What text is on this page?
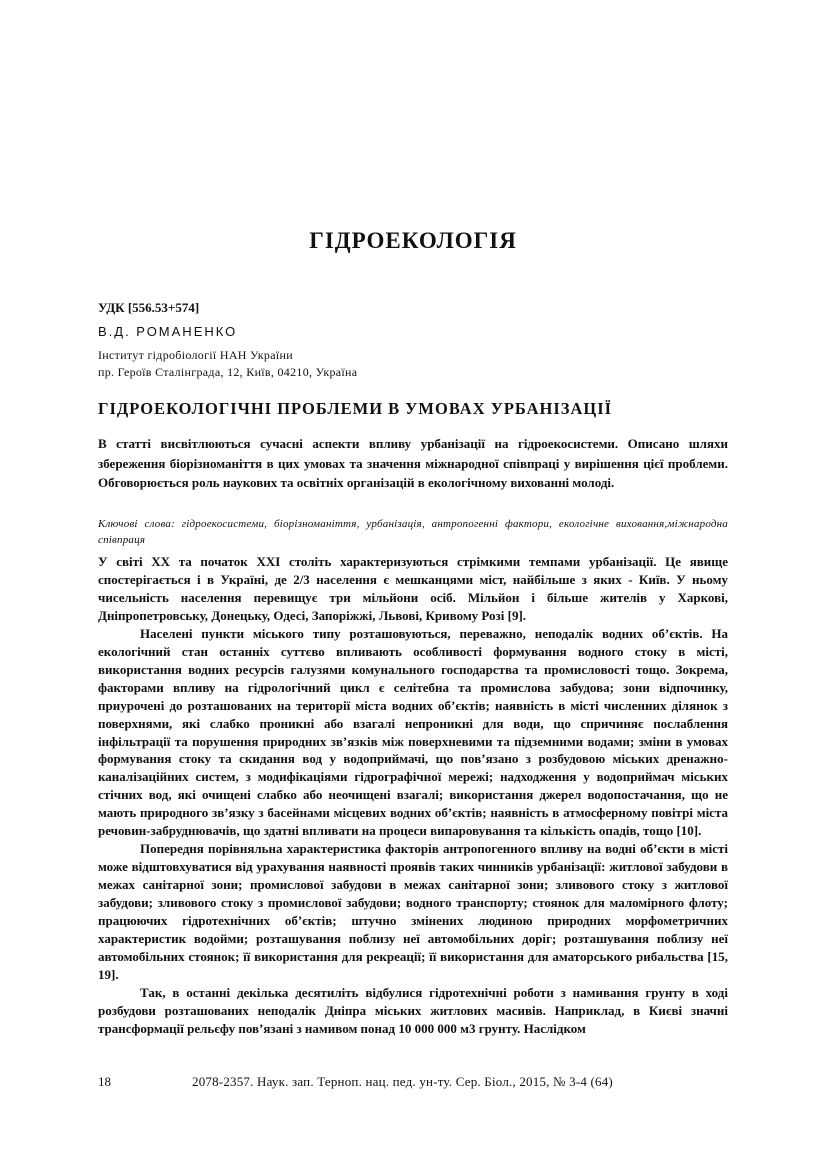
ГІДРОЕКОЛОГІЯ
УДК [556.53+574]
В.Д. РОМАНЕНКО
Інститут гідробіології НАН України
пр. Героїв Сталінграда, 12, Київ, 04210, Україна
ГІДРОЕКОЛОГІЧНІ ПРОБЛЕМИ В УМОВАХ УРБАНІЗАЦІЇ

В статті висвітлюються сучасні аспекти впливу урбанізації на гідроекосистеми. Описано шляхи збереження біорізноманіття в цих умовах та значення міжнародної співпраці у вирішення цієї проблеми. Обговорюється роль наукових та освітніх організацій в екологічному вихованні молоді.

Ключові слова: гідроекосистеми, біорізноманіття, урбанізація, антропогенні фактори, екологічне виховання,міжнародна співпраця

У світі ХХ та початок ХХІ століть характеризуються стрімкими темпами урбанізації. Це явище спостерігається і в Україні, де 2/3 населення є мешканцями міст, найбільше з яких - Київ. У ньому чисельність населення перевищує три мільйони осіб. Мільйон і більше жителів у Харкові, Дніпропетровську, Донецьку, Одесі, Запоріжжі, Львові, Кривому Розі [9].

Населені пункти міського типу розташовуються, переважно, неподалік водних об’єктів. На екологічний стан останніх суттєво впливають особливості формування водного стоку в місті, використання водних ресурсів галузями комунального господарства та промисловості тощо. Зокрема, факторами впливу на гідрологічний цикл є селітебна та промислова забудова; зони відпочинку, приурочені до розташованих на території міста водних об’єктів; наявність в місті численних ділянок з поверхнями, які слабко проникні або взагалі непроникні для води, що спричиняє послаблення інфільтрації та порушення природних зв’язків між поверхневими та підземними водами; зміни в умовах формування стоку та скидання вод у водоприймачі, що пов’язано з розбудовою міських дренажно-каналізаційних систем, з модифікаціями гідрографічної мережі; надходження у водоприймач міських стічних вод, які очищені слабко або неочищені взагалі; використання джерел водопостачання, що не мають природного зв’язку з басейнами місцевих водних об’єктів; наявність в атмосферному повітрі міста речовин-забруднювачів, що здатні впливати на процеси випаровування та кількість опадів, тощо [10].

Попередня порівняльна характеристика факторів антропогенного впливу на водні об’єкти в місті може відштовхуватися від урахування наявності проявів таких чинників урбанізації: житлової забудови в межах санітарної зони; промислової забудови в межах санітарної зони; зливового стоку з житлової забудови; зливового стоку з промислової забудови; водного транспорту; стоянок для маломірного флоту; працюючих гідротехнічних об’єктів; штучно змінених людиною природних морфометричних характеристик водойми; розташування поблизу неї автомобільних доріг; розташування поблизу неї автомобільних стоянок; її використання для рекреації; її використання для аматорського рибальства [15, 19].

Так, в останні декілька десятиліть відбулися гідротехнічні роботи з намивання грунту в ході розбудови розташованих неподалік Дніпра міських житлових масивів. Наприклад, в Києві значні трансформації рельєфу пов’язані з намивом понад 10 000 000 м3 грунту. Наслідком

18	2078-2357. Наук. зап. Терноп. нац. пед. ун-ту. Сер. Біол., 2015, № 3-4 (64)
